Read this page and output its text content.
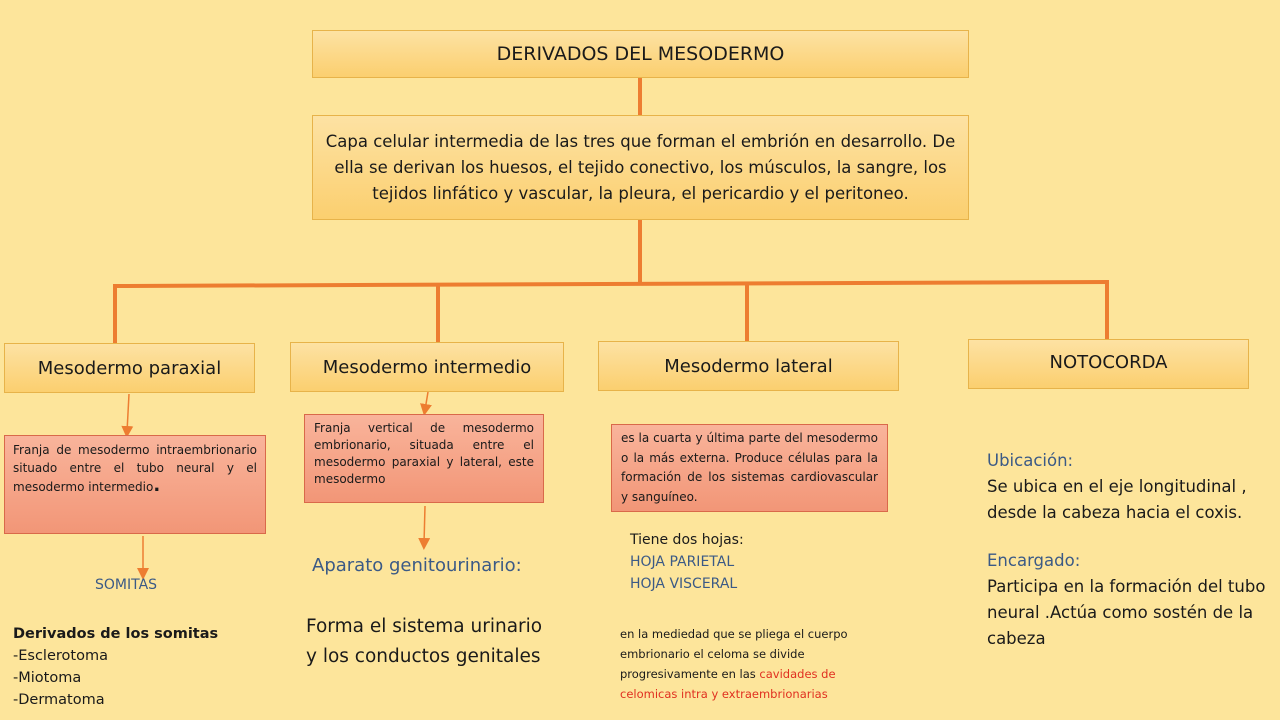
DERIVADOS DEL MESODERMO
Capa celular intermedia de las tres que forman el embrión en desarrollo. De ella se derivan los huesos, el tejido conectivo, los músculos, la sangre, los tejidos linfático y vascular, la pleura, el pericardio y el peritoneo.
Mesodermo paraxial	Mesodermo intermedio	Mesodermo lateral	NOTOCORDA
Franja de mesodermo intraembrionario situado entre el tubo neural y el mesodermo intermedio.
SOMITAS
Derivados de los somitas
-Esclerotoma
-Miotoma
-Dermatoma
Franja vertical de mesodermo embrionario, situada entre el mesodermo paraxial y lateral, este mesodermo
Aparato genitourinario:
Forma el sistema urinario y los conductos genitales
es la cuarta y última parte del mesodermo o la más externa. Produce células para la formación de los sistemas cardiovascular y sanguíneo.
Tiene dos hojas:
HOJA PARIETAL
HOJA VISCERAL
en la mediedad que se pliega el cuerpo embrionario el celoma se divide progresivamente en las cavidades de celomicas intra y extraembrionarias
Ubicación:
Se ubica en el eje longitudinal , desde la cabeza hacia el coxis.
Encargado:
Participa en la formación del tubo neural .Actúa como sostén de la cabeza
